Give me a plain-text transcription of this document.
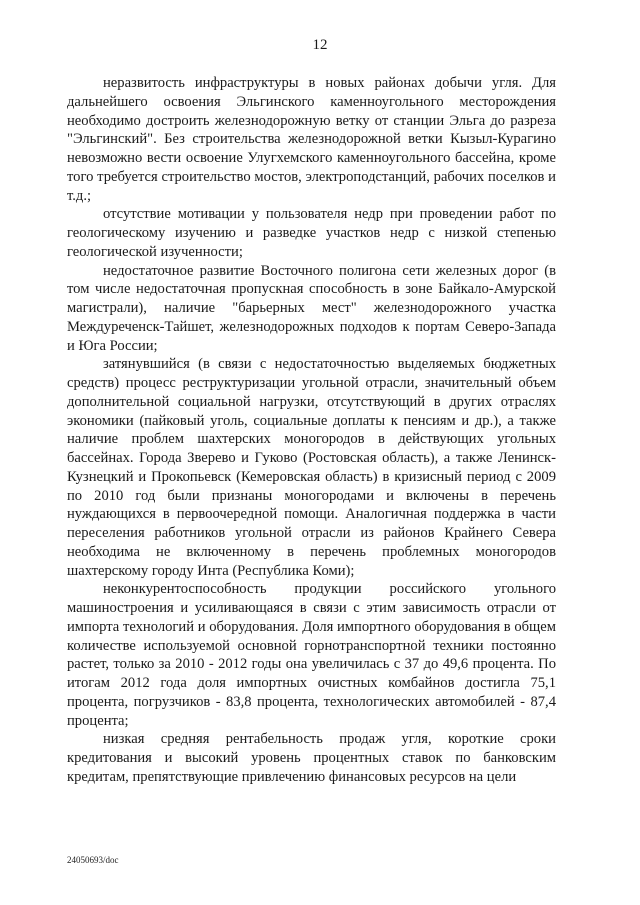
12

неразвитость инфраструктуры в новых районах добычи угля. Для дальнейшего освоения Эльгинского каменноугольного месторождения необходимо достроить железнодорожную ветку от станции Эльга до разреза "Эльгинский". Без строительства железнодорожной ветки Кызыл-Курагино невозможно вести освоение Улугхемского каменноугольного бассейна, кроме того требуется строительство мостов, электроподстанций, рабочих поселков и т.д.;

отсутствие мотивации у пользователя недр при проведении работ по геологическому изучению и разведке участков недр с низкой степенью геологической изученности;

недостаточное развитие Восточного полигона сети железных дорог (в том числе недостаточная пропускная способность в зоне Байкало-Амурской магистрали), наличие "барьерных мест" железнодорожного участка Междуреченск-Тайшет, железнодорожных подходов к портам Северо-Запада и Юга России;

затянувшийся (в связи с недостаточностью выделяемых бюджетных средств) процесс реструктуризации угольной отрасли, значительный объем дополнительной социальной нагрузки, отсутствующий в других отраслях экономики (пайковый уголь, социальные доплаты к пенсиям и др.), а также наличие проблем шахтерских моногородов в действующих угольных бассейнах. Города Зверево и Гуково (Ростовская область), а также Ленинск-Кузнецкий и Прокопьевск (Кемеровская область) в кризисный период с 2009 по 2010 год были признаны моногородами и включены в перечень нуждающихся в первоочередной помощи. Аналогичная поддержка в части переселения работников угольной отрасли из районов Крайнего Севера необходима не включенному в перечень проблемных моногородов шахтерскому городу Инта (Республика Коми);

неконкурентоспособность продукции российского угольного машиностроения и усиливающаяся в связи с этим зависимость отрасли от импорта технологий и оборудования. Доля импортного оборудования в общем количестве используемой основной горнотранспортной техники постоянно растет, только за 2010 - 2012 годы она увеличилась с 37 до 49,6 процента. По итогам 2012 года доля импортных очистных комбайнов достигла 75,1 процента, погрузчиков - 83,8 процента, технологических автомобилей - 87,4 процента;

низкая средняя рентабельность продаж угля, короткие сроки кредитования и высокий уровень процентных ставок по банковским кредитам, препятствующие привлечению финансовых ресурсов на цели

24050693/doc
